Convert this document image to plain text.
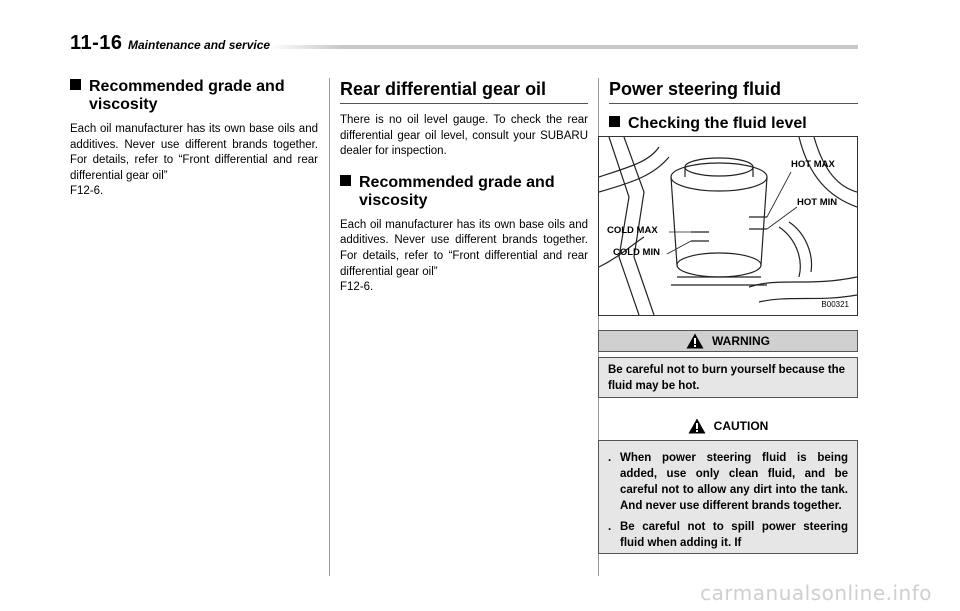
11-16 Maintenance and service
Recommended grade and
viscosity
Each oil manufacturer has its own base oils and additives. Never use different brands together. For details, refer to “Front differential and rear differential gear oil”
F12-6.
Rear differential gear oil
There is no oil level gauge. To check the rear differential gear oil level, consult your SUBARU dealer for inspection.
Recommended grade and
viscosity
Each oil manufacturer has its own base oils and additives. Never use different brands together. For details, refer to “Front differential and rear differential gear oil”
F12-6.
Power steering fluid
Checking the fluid level
HOT MAX
HOT MIN
COLD MAX
COLD MIN
B00321
WARNING
Be careful not to burn yourself because the fluid may be hot.
CAUTION
. When power steering fluid is being added, use only clean fluid, and be careful not to allow any dirt into the tank. And never use different brands together.
. Be careful not to spill power steering fluid when adding it. If
carmanualsonline.info
